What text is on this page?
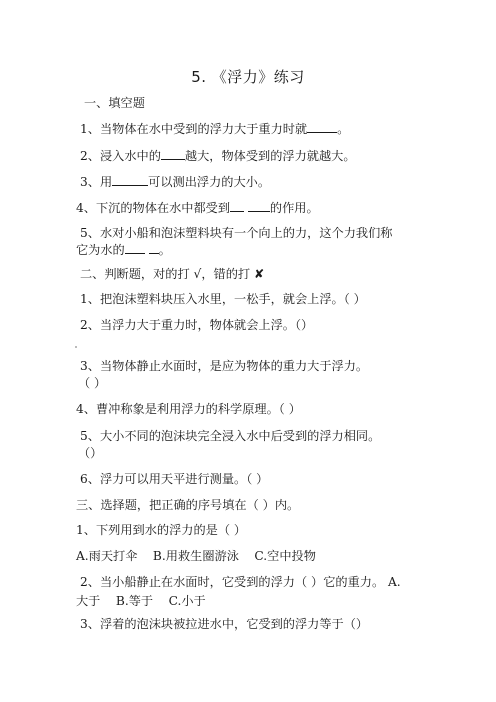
5. 《浮力》练习
一、填空题
1、当物体在水中受到的浮力大于重力时就 。
2、浸入水中的 越大，物体受到的浮力就越大。
3、用	可以测出浮力的大小。
4、下沉的物体在水中都受到	的作用。
5、水对小船和泡沫塑料块有一个向上的力，这个力我们称
它为水的	。
二、判断题，对的打 √，错的打 ✘
1、把泡沫塑料块压入水里，一松手，就会上浮。（ ）
2、当浮力大于重力时，物体就会上浮。（）
3、当物体静止水面时，是应为物体的重力大于浮力。
（ ）
4、曹冲称象是利用浮力的科学原理。（ ）
5、大小不同的泡沫块完全浸入水中后受到的浮力相同。
（）
6、浮力可以用天平进行测量。（ ）
三、选择题，把正确的序号填在（ ）内。
1、下列用到水的浮力的是（ ）
A.雨天打伞    B.用救生圈游泳    C.空中投物
2、当小船静止在水面时，它受到的浮力（ ）它的重力。 A.
大于    B.等于    C.小于
3、浮着的泡沫块被拉进水中，它受到的浮力等于（）
